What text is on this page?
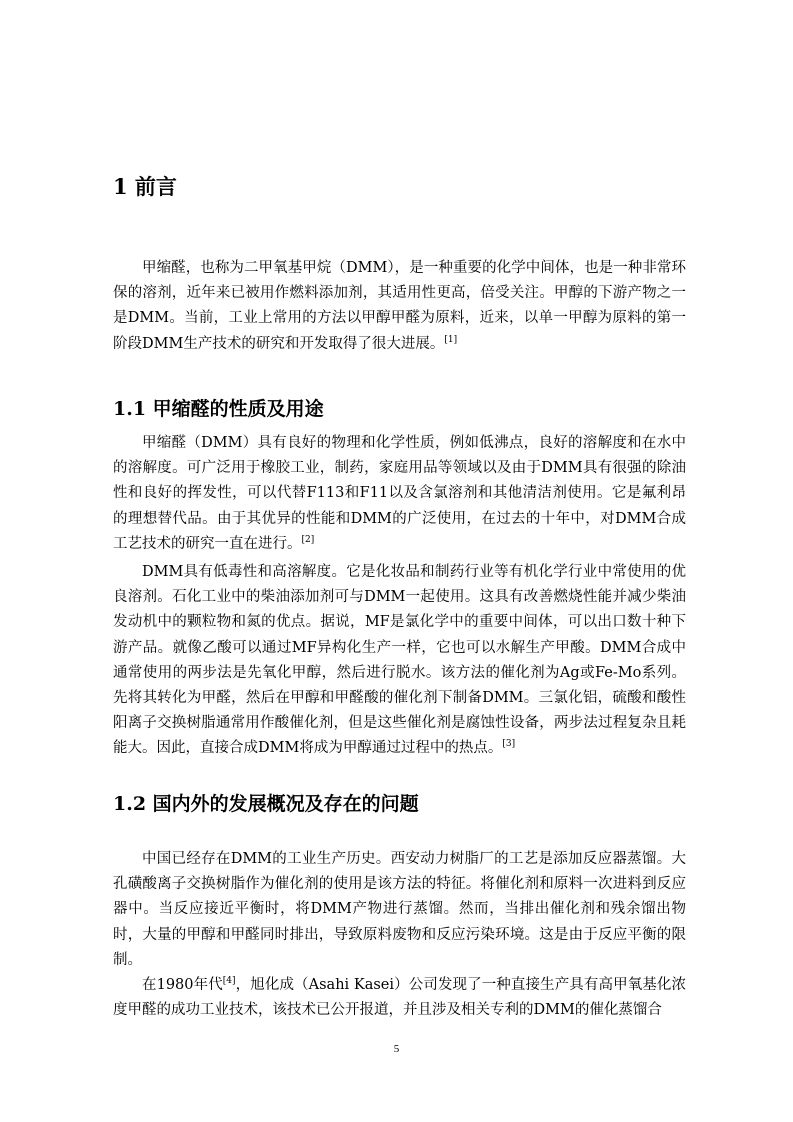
1 前言

甲缩醛，也称为二甲氧基甲烷（DMM），是一种重要的化学中间体，也是一种非常环保的溶剂，近年来已被用作燃料添加剂，其适用性更高，倍受关注。甲醇的下游产物之一是DMM。当前，工业上常用的方法以甲醇甲醛为原料，近来，以单一甲醇为原料的第一阶段DMM生产技术的研究和开发取得了很大进展。[1]

1.1 甲缩醛的性质及用途

甲缩醛（DMM）具有良好的物理和化学性质，例如低沸点，良好的溶解度和在水中的溶解度。可广泛用于橡胶工业，制药，家庭用品等领域以及由于DMM具有很强的除油性和良好的挥发性，可以代替F113和F11以及含氯溶剂和其他清洁剂使用。它是氟利昂的理想替代品。由于其优异的性能和DMM的广泛使用，在过去的十年中，对DMM合成工艺技术的研究一直在进行。[2]

DMM具有低毒性和高溶解度。它是化妆品和制药行业等有机化学行业中常使用的优良溶剂。石化工业中的柴油添加剂可与DMM一起使用。这具有改善燃烧性能并减少柴油发动机中的颗粒物和氮的优点。据说，MF是氯化学中的重要中间体，可以出口数十种下游产品。就像乙酸可以通过MF异构化生产一样，它也可以水解生产甲酸。DMM合成中通常使用的两步法是先氧化甲醇，然后进行脱水。该方法的催化剂为Ag或Fe-Mo系列。先将其转化为甲醛，然后在甲醇和甲醛酸的催化剂下制备DMM。三氯化铝，硫酸和酸性阳离子交换树脂通常用作酸催化剂，但是这些催化剂是腐蚀性设备，两步法过程复杂且耗能大。因此，直接合成DMM将成为甲醇通过过程中的热点。[3]

1.2 国内外的发展概况及存在的问题

中国已经存在DMM的工业生产历史。西安动力树脂厂的工艺是添加反应器蒸馏。大孔磺酸离子交换树脂作为催化剂的使用是该方法的特征。将催化剂和原料一次进料到反应器中。当反应接近平衡时，将DMM产物进行蒸馏。然而，当排出催化剂和残余馏出物时，大量的甲醇和甲醛同时排出，导致原料废物和反应污染环境。这是由于反应平衡的限制。

在1980年代[4]，旭化成（Asahi Kasei）公司发现了一种直接生产具有高甲氧基化浓度甲醛的成功工业技术，该技术已公开报道，并且涉及相关专利的DMM的催化蒸馏合

5
